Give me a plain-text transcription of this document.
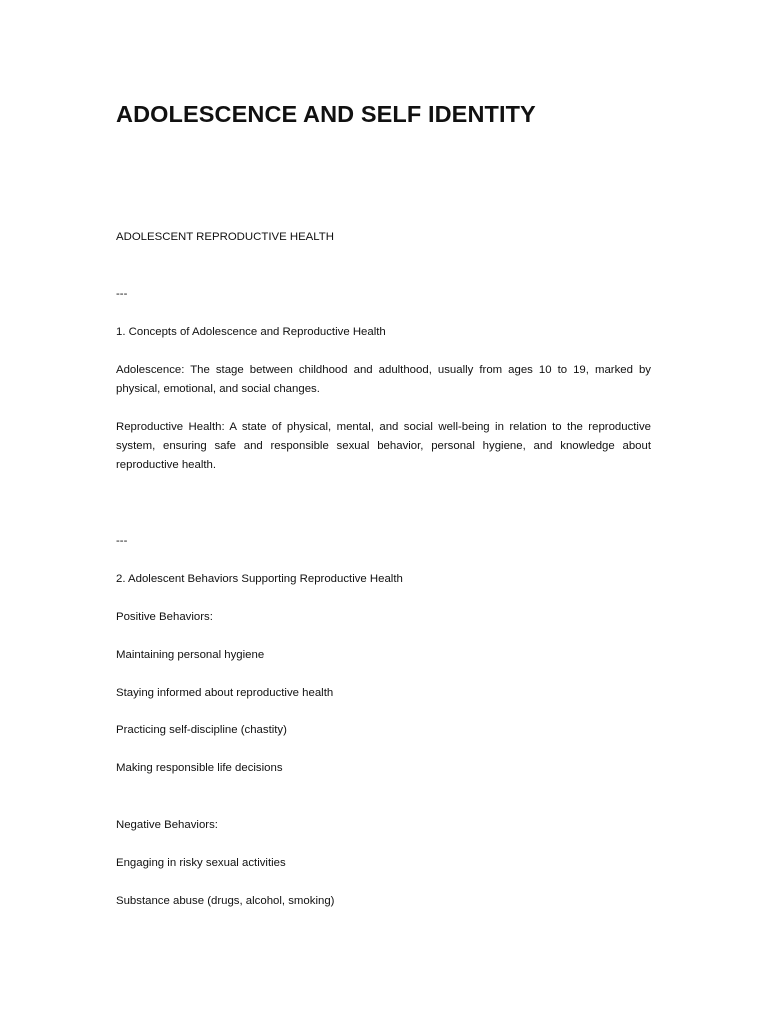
ADOLESCENCE AND SELF IDENTITY

ADOLESCENT REPRODUCTIVE HEALTH

---

1. Concepts of Adolescence and Reproductive Health

Adolescence: The stage between childhood and adulthood, usually from ages 10 to 19, marked by physical, emotional, and social changes.

Reproductive Health: A state of physical, mental, and social well-being in relation to the reproductive system, ensuring safe and responsible sexual behavior, personal hygiene, and knowledge about reproductive health.

---

2. Adolescent Behaviors Supporting Reproductive Health

Positive Behaviors:

Maintaining personal hygiene

Staying informed about reproductive health

Practicing self-discipline (chastity)

Making responsible life decisions

Negative Behaviors:

Engaging in risky sexual activities

Substance abuse (drugs, alcohol, smoking)
